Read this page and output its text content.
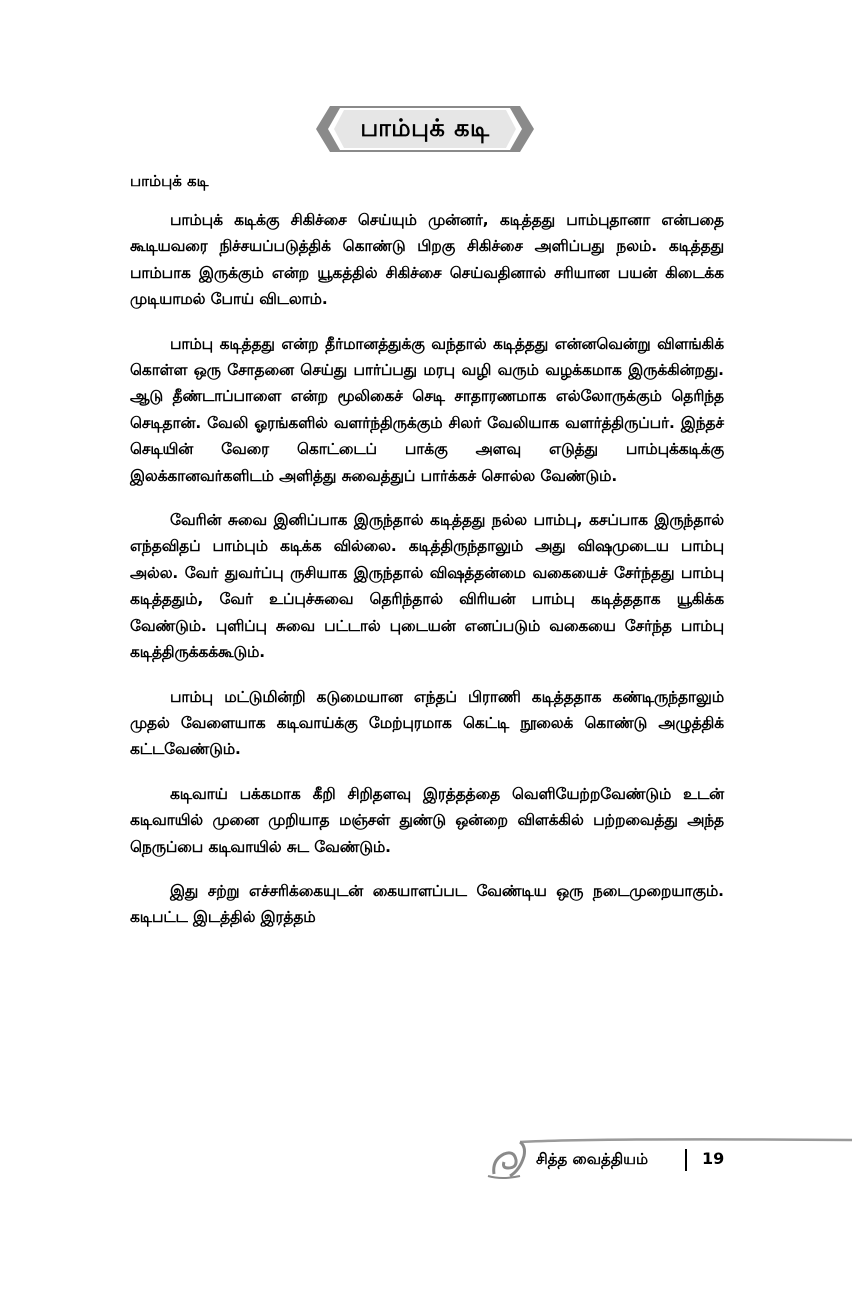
பாம்புக் கடி
பாம்புக் கடி

பாம்புக் கடிக்கு சிகிச்சை செய்யும் முன்னர், கடித்தது பாம்புதானா என்பதை கூடியவரை நிச்சயப்படுத்திக் கொண்டு பிறகு சிகிச்சை அளிப்பது நலம். கடித்தது பாம்பாக இருக்கும் என்ற யூகத்தில் சிகிச்சை செய்வதினால் சரியான பயன் கிடைக்க முடியாமல் போய் விடலாம்.

பாம்பு கடித்தது என்ற தீர்மானத்துக்கு வந்தால் கடித்தது என்னவென்று விளங்கிக் கொள்ள ஒரு சோதனை செய்து பார்ப்பது மரபு வழி வரும் வழக்கமாக இருக்கின்றது. ஆடு தீண்டாப்பாளை என்ற மூலிகைச் செடி சாதாரணமாக எல்லோருக்கும் தெரிந்த செடிதான். வேலி ஓரங்களில் வளர்ந்திருக்கும் சிலர் வேலியாக வளர்த்திருப்பர். இந்தச் செடியின் வேரை கொட்டைப் பாக்கு அளவு எடுத்து பாம்புக்கடிக்கு இலக்கானவர்களிடம் அளித்து சுவைத்துப் பார்க்கச் சொல்ல வேண்டும்.

வேரின் சுவை இனிப்பாக இருந்தால் கடித்தது நல்ல பாம்பு, கசப்பாக இருந்தால் எந்தவிதப் பாம்பும் கடிக்க வில்லை. கடித்திருந்தாலும் அது விஷமுடைய பாம்பு அல்ல. வேர் துவர்ப்பு ருசியாக இருந்தால் விஷத்தன்மை வகையைச் சேர்ந்தது பாம்பு கடித்ததும், வேர் உப்புச்சுவை தெரிந்தால் விரியன் பாம்பு கடித்ததாக யூகிக்க வேண்டும். புளிப்பு சுவை பட்டால் புடையன் எனப்படும் வகையை சேர்ந்த பாம்பு கடித்திருக்கக்கூடும்.

பாம்பு மட்டுமின்றி கடுமையான எந்தப் பிராணி கடித்ததாக கண்டிருந்தாலும் முதல் வேளையாக கடிவாய்க்கு மேற்புரமாக கெட்டி நூலைக் கொண்டு அழுத்திக் கட்டவேண்டும்.

கடிவாய் பக்கமாக கீறி சிறிதளவு இரத்தத்தை வெளியேற்றவேண்டும் உடன் கடிவாயில் முனை முறியாத மஞ்சள் துண்டு ஒன்றை விளக்கில் பற்றவைத்து அந்த நெருப்பை கடிவாயில் சுட வேண்டும்.

இது சற்று எச்சரிக்கையுடன் கையாளப்பட வேண்டிய ஒரு நடைமுறையாகும். கடிபட்ட இடத்தில் இரத்தம்

சித்த வைத்தியம்	19
